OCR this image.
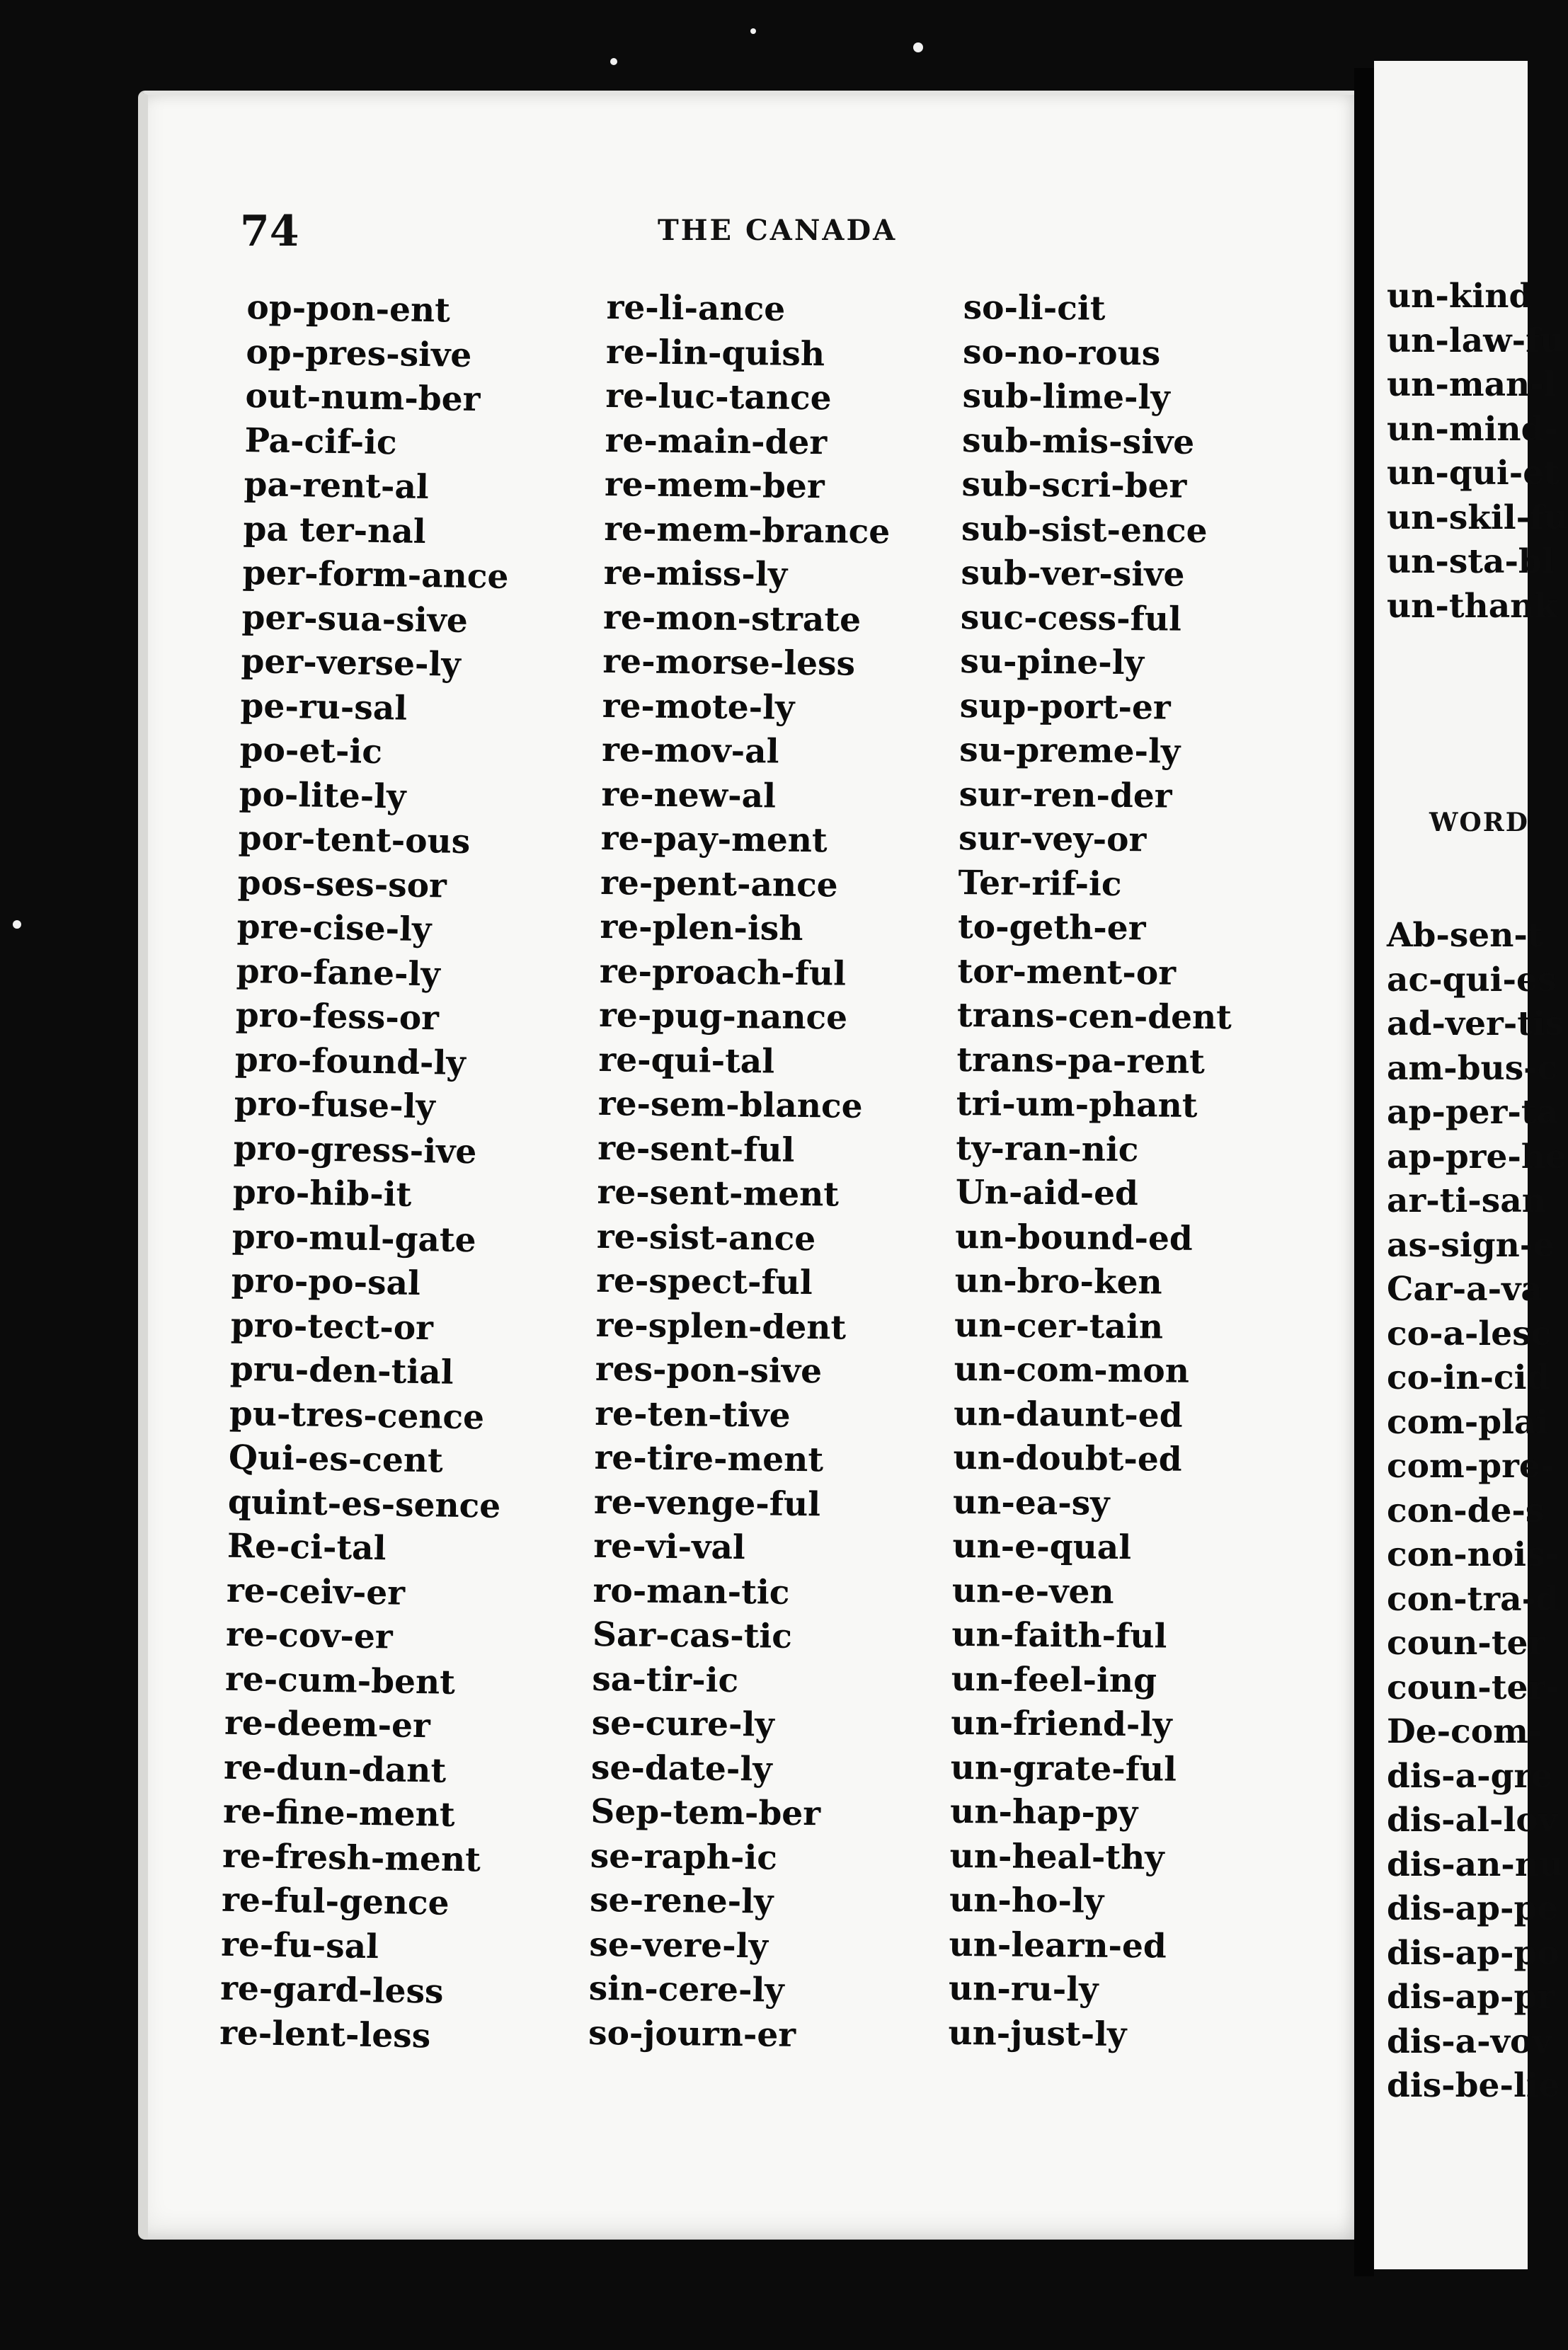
74	THE CANADA
op-pon-ent
op-pres-sive
out-num-ber
Pa-cif-ic
pa-rent-al
pa ter-nal
per-form-ance
per-sua-sive
per-verse-ly
pe-ru-sal
po-et-ic
po-lite-ly
por-tent-ous
pos-ses-sor
pre-cise-ly
pro-fane-ly
pro-fess-or
pro-found-ly
pro-fuse-ly
pro-gress-ive
pro-hib-it
pro-mul-gate
pro-po-sal
pro-tect-or
pru-den-tial
pu-tres-cence
Qui-es-cent
quint-es-sence
Re-ci-tal
re-ceiv-er
re-cov-er
re-cum-bent
re-deem-er
re-dun-dant
re-fine-ment
re-fresh-ment
re-ful-gence
re-fu-sal
re-gard-less
re-lent-less
re-li-ance
re-lin-quish
re-luc-tance
re-main-der
re-mem-ber
re-mem-brance
re-miss-ly
re-mon-strate
re-morse-less
re-mote-ly
re-mov-al
re-new-al
re-pay-ment
re-pent-ance
re-plen-ish
re-proach-ful
re-pug-nance
re-qui-tal
re-sem-blance
re-sent-ful
re-sent-ment
re-sist-ance
re-spect-ful
re-splen-dent
res-pon-sive
re-ten-tive
re-tire-ment
re-venge-ful
re-vi-val
ro-man-tic
Sar-cas-tic
sa-tir-ic
se-cure-ly
se-date-ly
Sep-tem-ber
se-raph-ic
se-rene-ly
se-vere-ly
sin-cere-ly
so-journ-er
so-li-cit
so-no-rous
sub-lime-ly
sub-mis-sive
sub-scri-ber
sub-sist-ence
sub-ver-sive
suc-cess-ful
su-pine-ly
sup-port-er
su-preme-ly
sur-ren-der
sur-vey-or
Ter-rif-ic
to-geth-er
tor-ment-or
trans-cen-dent
trans-pa-rent
tri-um-phant
ty-ran-nic
Un-aid-ed
un-bound-ed
un-bro-ken
un-cer-tain
un-com-mon
un-daunt-ed
un-doubt-ed
un-ea-sy
un-e-qual
un-e-ven
un-faith-ful
un-feel-ing
un-friend-ly
un-grate-ful
un-hap-py
un-heal-thy
un-ho-ly
un-learn-ed
un-ru-ly
un-just-ly
un-kind
un-law-fu
un-man-l
un-mind-
un-qui-et
un-skil-fu
un-sta-bl
un-thank
WORD
Ab-sen-t
ac-qui-es
ad-ver-tis
am-bus-c
ap-per-ta
ap-pre-he
ar-ti-san
as-sign-e
Car-a-va
co-a-lesc
co-in-cid
com-plai
com-pre-
con-de-s
con-nois-
con-tra-d
coun-ter
coun-ter-
De-com-
dis-a-gre
dis-al-lov
dis-an-nu
dis-ap-pe
dis-ap-po
dis-ap-pr
dis-a-vov
dis-be-lie
